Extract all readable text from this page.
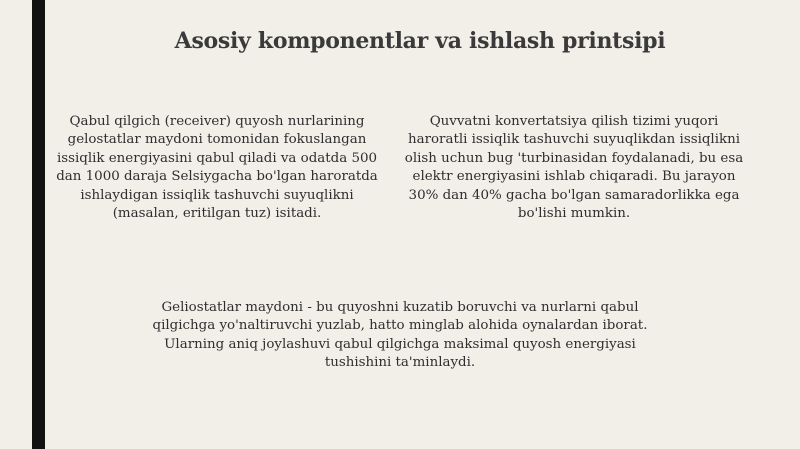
Asosiy komponentlar va ishlash printsipi

Qabul qilgich (receiver) quyosh nurlarining gelostatlar maydoni tomonidan fokuslangan issiqlik energiyasini qabul qiladi va odatda 500 dan 1000 daraja Selsiygacha bo'lgan haroratda ishlaydigan issiqlik tashuvchi suyuqlikni (masalan, eritilgan tuz) isitadi.

Quvvatni konvertatsiya qilish tizimi yuqori haroratli issiqlik tashuvchi suyuqlikdan issiqlikni olish uchun bug 'turbinasidan foydalanadi, bu esa elektr energiyasini ishlab chiqaradi. Bu jarayon 30% dan 40% gacha bo'lgan samaradorlikka ega bo'lishi mumkin.

Geliostatlar maydoni - bu quyoshni kuzatib boruvchi va nurlarni qabul qilgichga yo'naltiruvchi yuzlab, hatto minglab alohida oynalardan iborat. Ularning aniq joylashuvi qabul qilgichga maksimal quyosh energiyasi tushishini ta'minlaydi.
